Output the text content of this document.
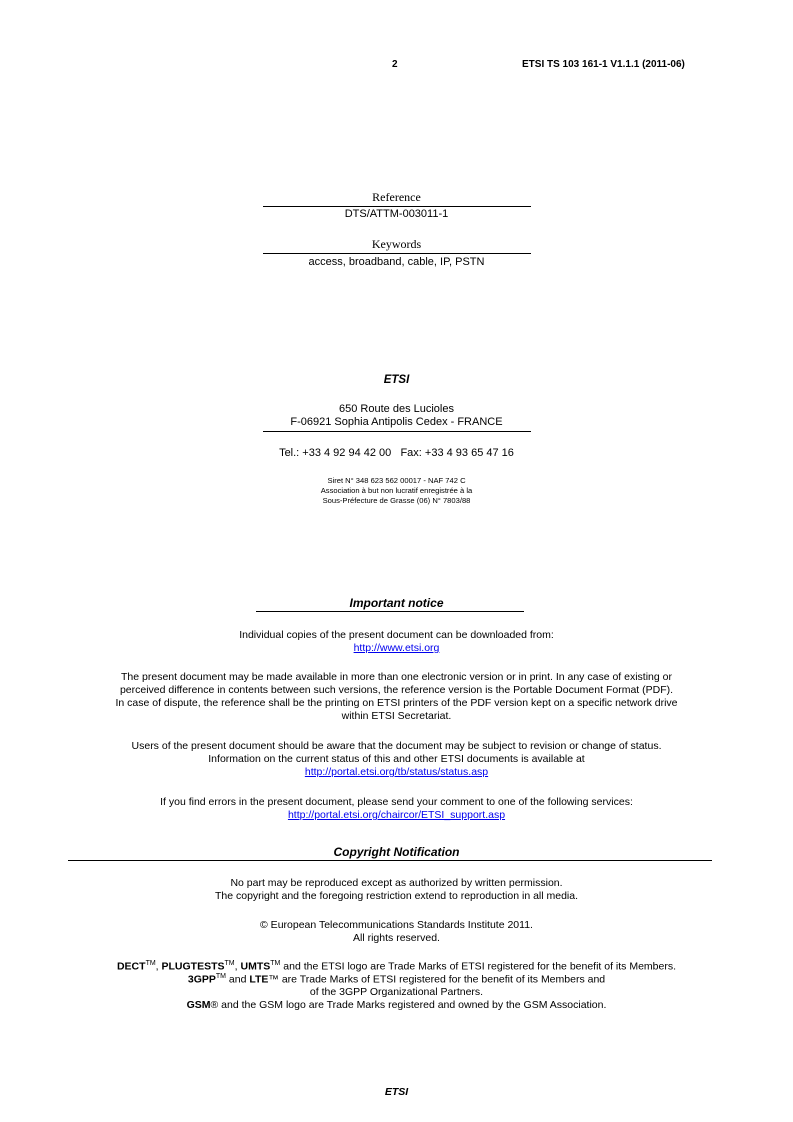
2	ETSI TS 103 161-1 V1.1.1 (2011-06)
Reference
DTS/ATTM-003011-1
Keywords
access, broadband, cable, IP, PSTN
ETSI
650 Route des Lucioles
F-06921 Sophia Antipolis Cedex - FRANCE
Tel.: +33 4 92 94 42 00   Fax: +33 4 93 65 47 16
Siret N° 348 623 562 00017 - NAF 742 C
Association à but non lucratif enregistrée à la
Sous-Préfecture de Grasse (06) N° 7803/88
Important notice
Individual copies of the present document can be downloaded from:
http://www.etsi.org
The present document may be made available in more than one electronic version or in print. In any case of existing or
perceived difference in contents between such versions, the reference version is the Portable Document Format (PDF).
In case of dispute, the reference shall be the printing on ETSI printers of the PDF version kept on a specific network drive
within ETSI Secretariat.
Users of the present document should be aware that the document may be subject to revision or change of status.
Information on the current status of this and other ETSI documents is available at
http://portal.etsi.org/tb/status/status.asp
If you find errors in the present document, please send your comment to one of the following services:
http://portal.etsi.org/chaircor/ETSI_support.asp
Copyright Notification
No part may be reproduced except as authorized by written permission.
The copyright and the foregoing restriction extend to reproduction in all media.
© European Telecommunications Standards Institute 2011.
All rights reserved.
DECT™, PLUGTESTS™, UMTS™ and the ETSI logo are Trade Marks of ETSI registered for the benefit of its Members.
3GPP™ and LTE™ are Trade Marks of ETSI registered for the benefit of its Members and
of the 3GPP Organizational Partners.
GSM® and the GSM logo are Trade Marks registered and owned by the GSM Association.
ETSI
